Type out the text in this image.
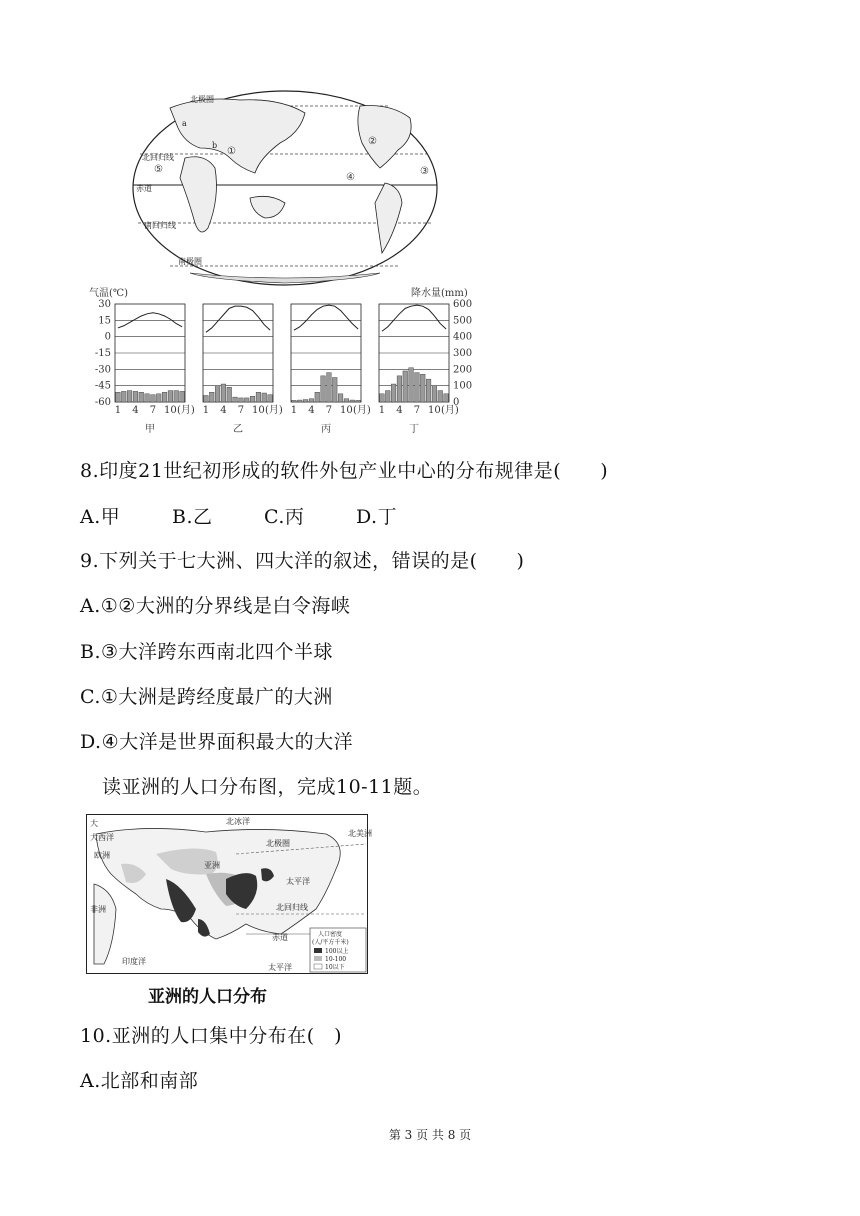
北极圈
北回归线
赤道
南回归线
南极圈
a
b
①
②
③
④
⑤
气温(℃)	降水量(mm)
30
15
0
-15
-30
-45
-60
600
500
400
300
200
100
0
1 4 7 10 (月)
甲
1 4 7 10 (月)
乙
1 4 7 10 (月)
丙
1 4 7 10 (月)
丁
8.印度21世纪初形成的软件外包产业中心的分布规律是(　　)
A.甲	B.乙	C.丙	D.丁
9.下列关于七大洲、四大洋的叙述，错误的是(　　)
A.①②大洲的分界线是白令海峡
B.③大洋跨东西南北四个半球
C.①大洲是跨经度最广的大洲
D.④大洋是世界面积最大的大洋
读亚洲的人口分布图，完成10-11题。
大
大西洋
欧洲
亚洲
非洲
北冰洋
北极圈
太平洋
北回归线
赤道
印度洋
太平洋
北美洲
人口密度
(人/平方千米)
100以上
10-100
10以下
亚洲的人口分布
10.亚洲的人口集中分布在(　)
A.北部和南部
第 3 页 共 8 页
